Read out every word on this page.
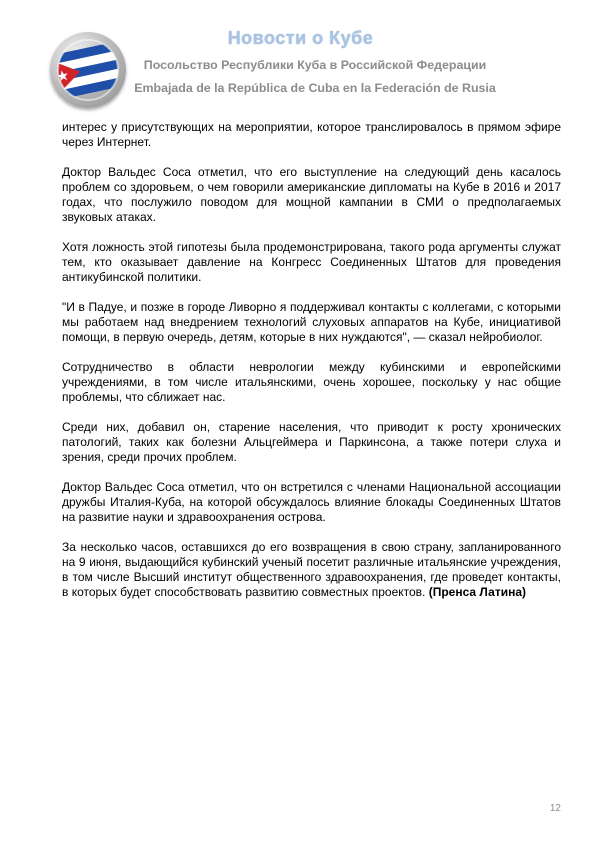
Новости о Кубе
Посольство Республики Куба в Российской Федерации
Embajada de la República de Cuba en la Federación de Rusia

интерес у присутствующих на мероприятии, которое транслировалось в прямом эфире через Интернет.

Доктор Вальдес Соса отметил, что его выступление на следующий день касалось проблем со здоровьем, о чем говорили американские дипломаты на Кубе в 2016 и 2017 годах, что послужило поводом для мощной кампании в СМИ о предполагаемых звуковых атаках.

Хотя ложность этой гипотезы была продемонстрирована, такого рода аргументы служат тем, кто оказывает давление на Конгресс Соединенных Штатов для проведения антикубинской политики.

"И в Падуе, и позже в городе Ливорно я поддерживал контакты с коллегами, с которыми мы работаем над внедрением технологий слуховых аппаратов на Кубе, инициативой помощи, в первую очередь, детям, которые в них нуждаются", — сказал нейробиолог.

Сотрудничество в области неврологии между кубинскими и европейскими учреждениями, в том числе итальянскими, очень хорошее, поскольку у нас общие проблемы, что сближает нас.

Среди них, добавил он, старение населения, что приводит к росту хронических патологий, таких как болезни Альцгеймера и Паркинсона, а также потери слуха и зрения, среди прочих проблем.

Доктор Вальдес Соса отметил, что он встретился с членами Национальной ассоциации дружбы Италия-Куба, на которой обсуждалось влияние блокады Соединенных Штатов на развитие науки и здравоохранения острова.

За несколько часов, оставшихся до его возвращения в свою страну, запланированного на 9 июня, выдающийся кубинский ученый посетит различные итальянские учреждения, в том числе Высший институт общественного здравоохранения, где проведет контакты, в которых будет способствовать развитию совместных проектов. (Пренса Латина)

12
